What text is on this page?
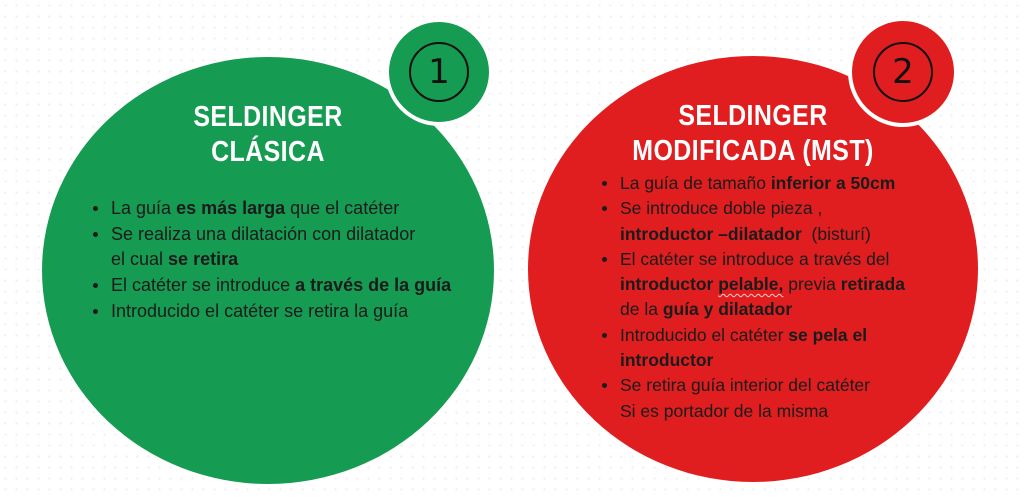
SELDINGER
CLÁSICA
La guía es más larga que el catéter
Se realiza una dilatación con dilatador
el cual se retira
El catéter se introduce a través de la guía
Introducido el catéter se retira la guía
1
SELDINGER
MODIFICADA (MST)
La guía de tamaño inferior a 50cm
Se introduce doble pieza ,
introductor –dilatador  (bisturí)
El catéter se introduce a través del
introductor pelable, previa retirada
de la guía y dilatador
Introducido el catéter se pela el
introductor
Se retira guía interior del catéter
Si es portador de la misma
2
